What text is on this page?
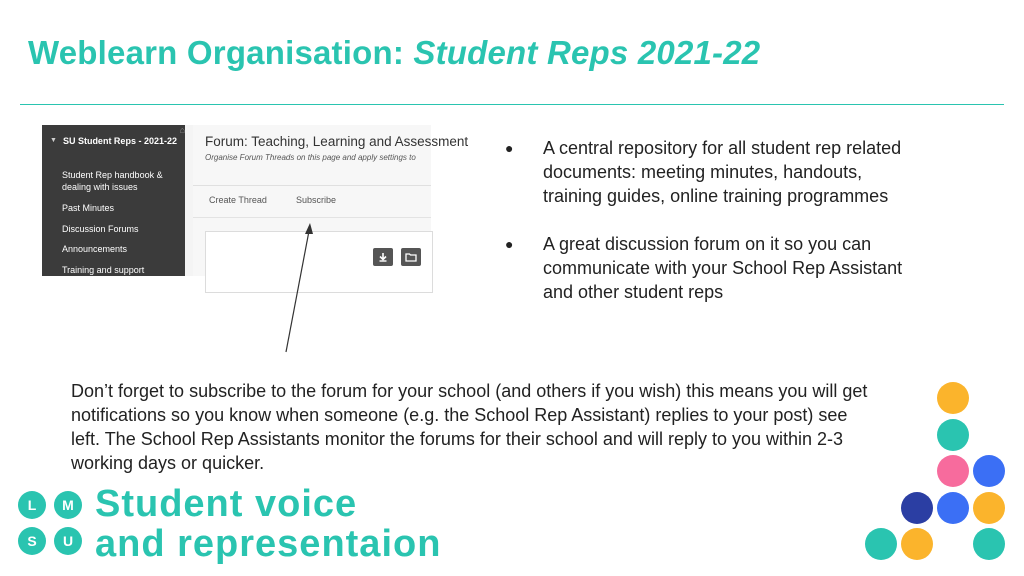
Weblearn Organisation: Student Reps 2021-22
▼ SU Student Reps - 2021-22
⌂
Student Rep handbook & dealing with issues
Past Minutes
Discussion Forums
Announcements
Training and support
Forum: Teaching, Learning and Assessment
Organise Forum Threads on this page and apply settings to
Create Thread	Subscribe
● A central repository for all student rep related documents: meeting minutes, handouts, training guides, online training programmes
● A great discussion forum on it so you can communicate with your School Rep Assistant and other student reps

Don’t forget to subscribe to the forum for your school (and others if you wish) this means you will get notifications so you know when someone (e.g. the School Rep Assistant) replies to your post) see left. The School Rep Assistants monitor the forums for their school and will reply to you within 2-3 working days or quicker.

L	M
S	U
Student voice
and representaion
